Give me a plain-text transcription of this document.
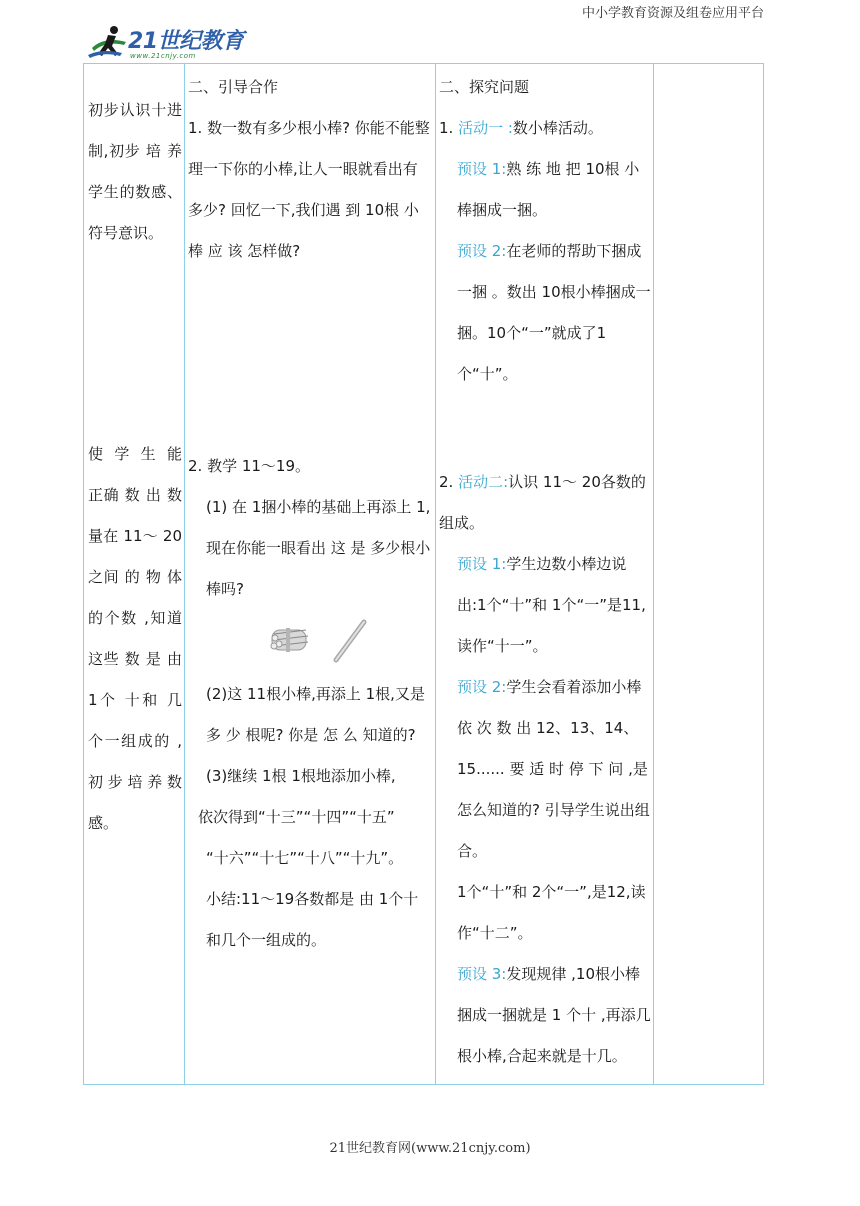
中小学教育资源及组卷应用平台
21世纪教育
www.21cnjy.com
初步认识十进制,初步 培 养学生的数感、符号意识。
使 学 生 能 正确 数 出 数 量在 11～ 20之间 的 物 体 的个数 ,知道这些 数 是 由 1个 十和 几 个一组成的 ,初步培养数感。

二、引导合作

1. 数一数有多少根小棒? 你能不能整理一下你的小棒,让人一眼就看出有多少? 回忆一下,我们遇 到 10根 小 棒 应 该 怎样做?

2. 教学 11～19。

(1) 在 1捆小棒的基础上再添上 1,现在你能一眼看出 这 是 多少根小棒吗?

(2)这 11根小棒,再添上 1根,又是 多 少 根呢? 你是 怎 么 知道的?

(3)继续 1根 1根地添加小棒,

依次得到“十三”“十四”“十五”

“十六”“十七”“十八”“十九”。

小结:11～19各数都是 由 1个十和几个一组成的。

二、探究问题

1. 活动一 :数小棒活动。

预设 1:熟 练 地 把 10根 小棒捆成一捆。

预设 2:在老师的帮助下捆成一捆 。数出 10根小棒捆成一捆。10个“一”就成了1个“十”。

2. 活动二:认识 11～ 20各数的组成。

预设 1:学生边数小棒边说出:1个“十”和 1个“一”是11,读作“十一”。

预设 2:学生会看着添加小棒依 次 数 出 12、13、14、15...... 要 适 时 停 下 问 ,是怎么知道的? 引导学生说出组合。

1个“十”和 2个“一”,是12,读作“十二”。

预设 3:发现规律 ,10根小棒捆成一捆就是 1 个十 ,再添几根小棒,合起来就是十几。

21世纪教育网(www.21cnjy.com)
